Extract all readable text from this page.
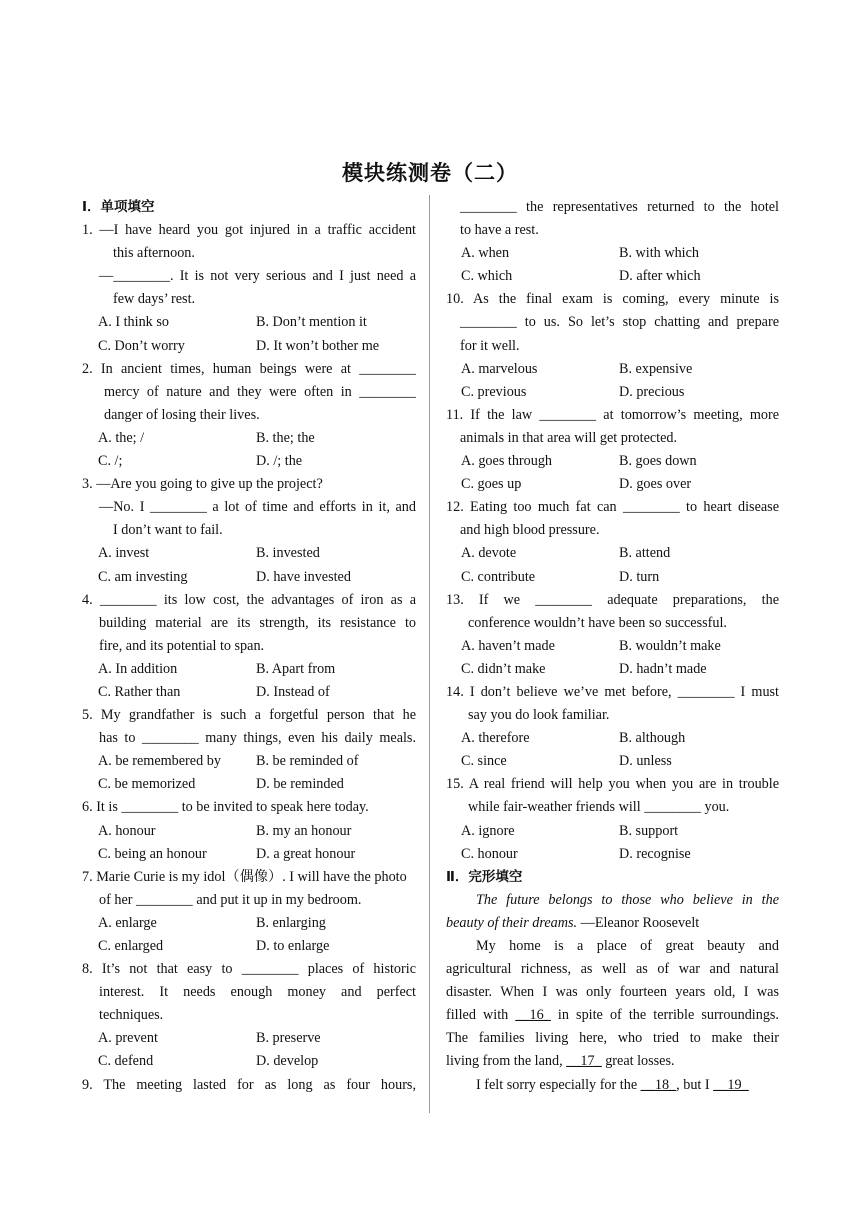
模块练测卷（二）
Ⅰ．单项填空
1. —I have heard you got injured in a traffic accident
this afternoon.
—________. It is not very serious and I just need a
few days’ rest.
A. I think so	B. Don’t mention it
C. Don’t worry	D. It won’t bother me
2. In ancient times, human beings were at ________
mercy of nature and they were often in ________
danger of losing their lives.
A. the; /	B. the; the
C. /;	D. /; the
3. —Are you going to give up the project?
—No. I ________ a lot of time and efforts in it, and
I don’t want to fail.
A. invest	B. invested
C. am investing	D. have invested
4. ________ its low cost, the advantages of iron as a
building material are its strength, its resistance to
fire, and its potential to span.
A. In addition	B. Apart from
C. Rather than	D. Instead of
5. My grandfather is such a forgetful person that he
has to ________ many things, even his daily meals.
A. be remembered by	B. be reminded of
C. be memorized	D. be reminded
6. It is ________ to be invited to speak here today.
A. honour	B. my an honour
C. being an honour	D. a great honour
7. Marie Curie is my idol（偶像）. I will have the photo
of her ________ and put it up in my bedroom.
A. enlarge	B. enlarging
C. enlarged	D. to enlarge
8. It’s not that easy to ________ places of historic
interest. It needs enough money and perfect
techniques.
A. prevent	B. preserve
C. defend	D. develop
9. The meeting lasted for as long as four hours,
________ the representatives returned to the hotel
to have a rest.
A. when	B. with which
C. which	D. after which
10. As the final exam is coming, every minute is
________ to us. So let’s stop chatting and prepare
for it well.
A. marvelous	B. expensive
C. previous	D. precious
11. If the law ________ at tomorrow’s meeting, more
animals in that area will get protected.
A. goes through	B. goes down
C. goes up	D. goes over
12. Eating too much fat can ________ to heart disease
and high blood pressure.
A. devote	B. attend
C. contribute	D. turn
13. If we ________ adequate preparations, the
conference wouldn’t have been so successful.
A. haven’t made	B. wouldn’t make
C. didn’t make	D. hadn’t made
14. I don’t believe we’ve met before, ________ I must
say you do look familiar.
A. therefore	B. although
C. since	D. unless
15. A real friend will help you when you are in trouble
while fair-weather friends will ________ you.
A. ignore	B. support
C. honour	D. recognise
Ⅱ．完形填空
The future belongs to those who believe in the
beauty of their dreams. —Eleanor Roosevelt
My home is a place of great beauty and
agricultural richness, as well as of war and natural
disaster. When I was only fourteen years old, I was
filled with __16_ in spite of the terrible surroundings.
The families living here, who tried to make their
living from the land, __17_ great losses.
I felt sorry especially for the __18_, but I __19_
